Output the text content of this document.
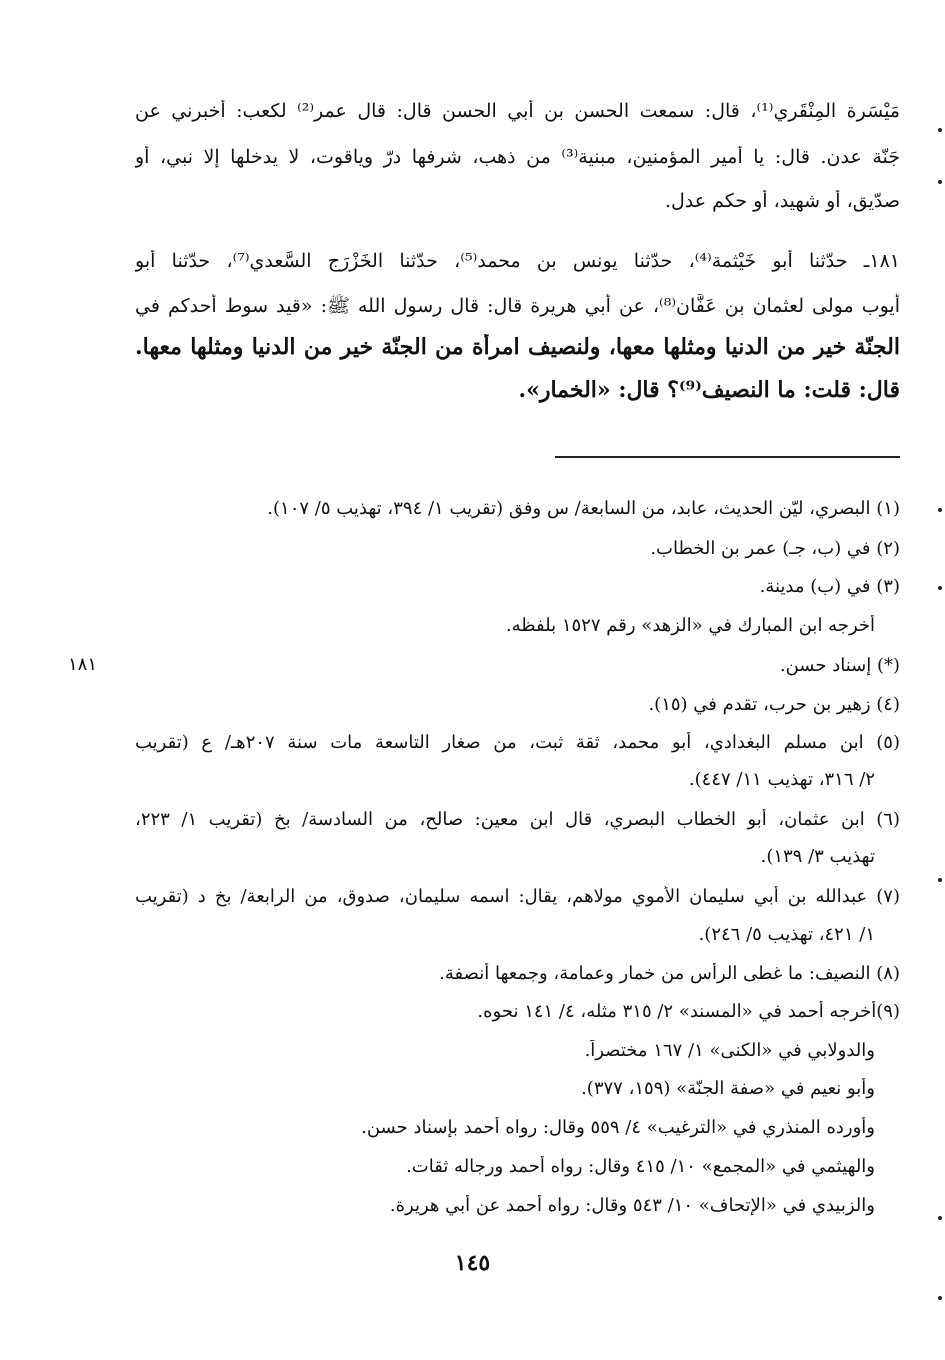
مَيْسَرة المِنْقَري⁽¹⁾، قال: سمعت الحسن بن أبي الحسن قال: قال عمر⁽²⁾ لكعب: أخبرني عن
جَنّة عدن. قال: يا أمير المؤمنين، مبنية⁽³⁾ من ذهب، شرفها درّ وياقوت، لا يدخلها إلا نبي، أو
صدّيق، أو شهيد، أو حكم عدل.
١٨١ـ حدّثنا أبو خَيْثمة⁽⁴⁾، حدّثنا يونس بن محمد⁽⁵⁾، حدّثنا الخَزْرَج السَّعدي⁽⁷⁾، حدّثنا أبو
أيوب مولى لعثمان بن عَفَّان⁽⁸⁾، عن أبي هريرة قال: قال رسول الله ﷺ: «قيد سوط أحدكم في
الجنّة خير من الدنيا ومثلها معها، ولنصيف امرأة من الجنّة خير من الدنيا ومثلها معها.
قال: قلت: ما النصيف⁽⁹⁾؟ قال: «الخمار».
(١) البصري، ليّن الحديث، عابد، من السابعة/ س وفق (تقريب ١/ ٣٩٤، تهذيب ٥/ ١٠٧).
(٢) في (ب، جـ) عمر بن الخطاب.
(٣) في (ب) مدينة.
أخرجه ابن المبارك في «الزهد» رقم ١٥٢٧ بلفظه.
(*) إسناد حسن.
(٤) زهير بن حرب، تقدم في (١٥).
(٥) ابن مسلم البغدادي، أبو محمد، ثقة ثبت، من صغار التاسعة مات سنة ٢٠٧هـ/ ع (تقريب
٢/ ٣١٦، تهذيب ١١/ ٤٤٧).
(٦) ابن عثمان، أبو الخطاب البصري، قال ابن معين: صالح، من السادسة/ بخ (تقريب ١/ ٢٢٣،
تهذيب ٣/ ١٣٩).
(٧) عبدالله بن أبي سليمان الأموي مولاهم، يقال: اسمه سليمان، صدوق، من الرابعة/ بخ د (تقريب
١/ ٤٢١، تهذيب ٥/ ٢٤٦).
(٨) النصيف: ما غطى الرأس من خمار وعمامة، وجمعها أنصفة.
(٩)أخرجه أحمد في «المسند» ٢/ ٣١٥ مثله، ٤/ ١٤١ نحوه.
والدولابي في «الكنى» ١/ ١٦٧ مختصراً.
وأبو نعيم في «صفة الجنّة» (١٥٩، ٣٧٧).
وأورده المنذري في «الترغيب» ٤/ ٥٥٩ وقال: رواه أحمد بإسناد حسن.
والهيثمي في «المجمع» ١٠/ ٤١٥ وقال: رواه أحمد ورجاله ثقات.
والزبيدي في «الإتحاف» ١٠/ ٥٤٣ وقال: رواه أحمد عن أبي هريرة.
١٨١
١٤٥
